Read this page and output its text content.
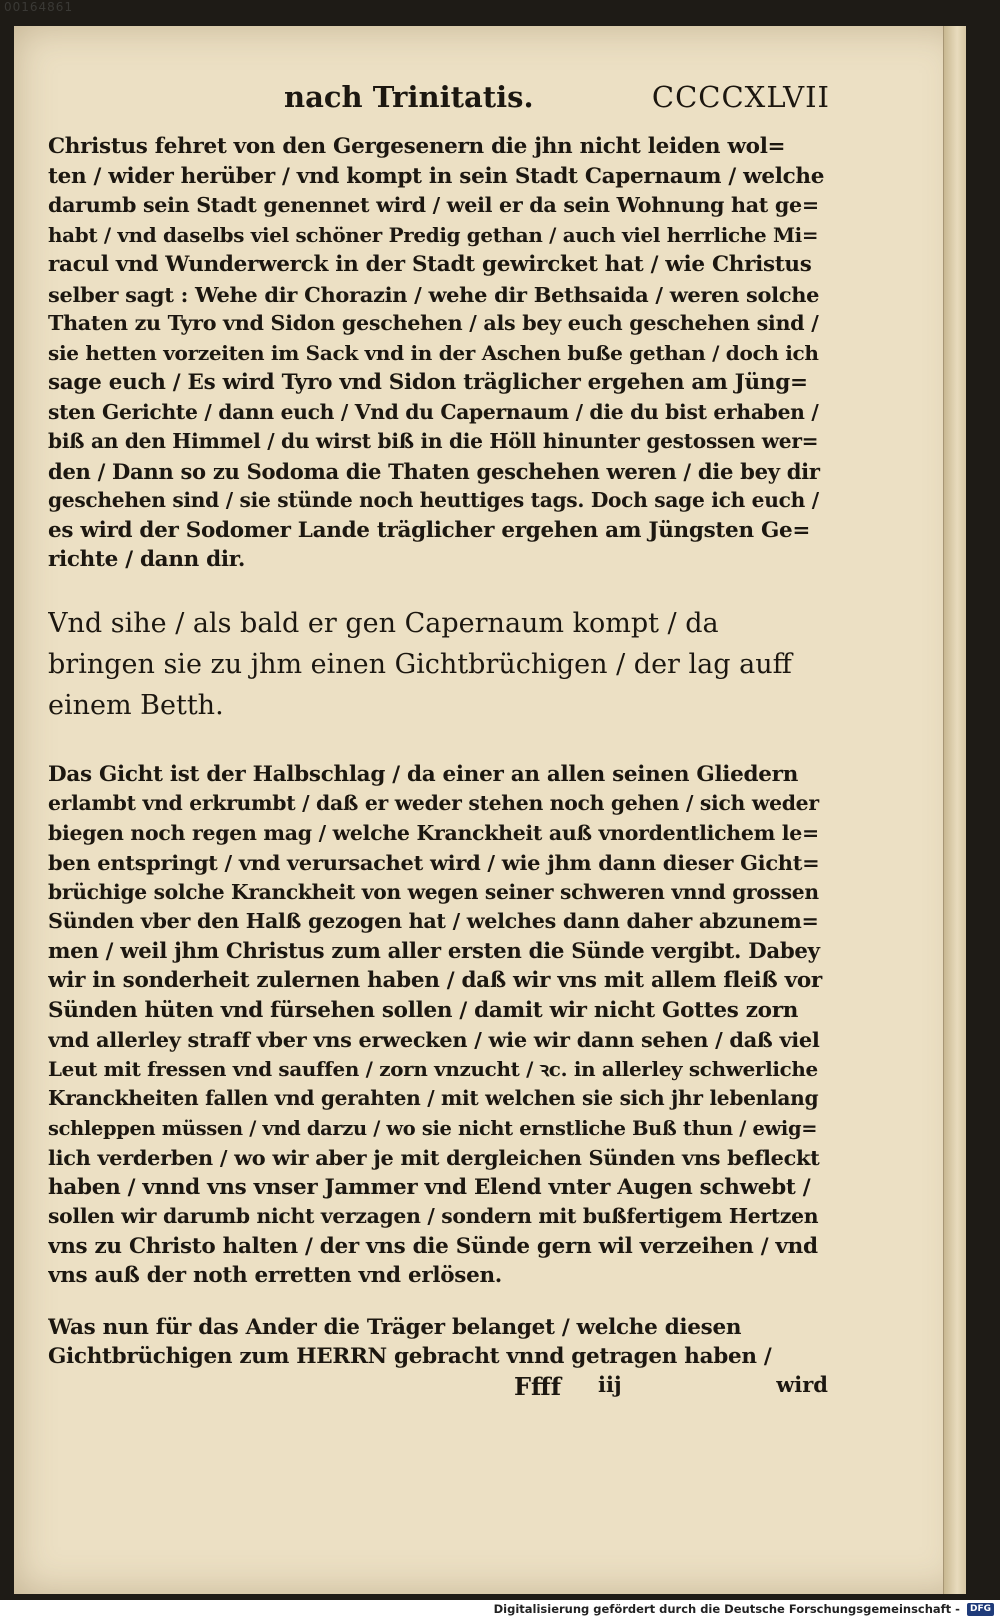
00164861
nach Trinitatis.	CCCCXLVII
Christus fehret von den Gergesenern die jhn nicht leiden wol=
ten / wider herüber / vnd kompt in sein Stadt Capernaum / welche
darumb sein Stadt genennet wird / weil er da sein Wohnung hat ge=
habt / vnd daselbs viel schöner Predig gethan / auch viel herrliche Mi=
racul vnd Wunderwerck in der Stadt gewircket hat / wie Christus
selber sagt : Wehe dir Chorazin / wehe dir Bethsaida / weren solche
Thaten zu Tyro vnd Sidon geschehen / als bey euch geschehen sind /
sie hetten vorzeiten im Sack vnd in der Aschen buße gethan / doch ich
sage euch / Es wird Tyro vnd Sidon träglicher ergehen am Jüng=
sten Gerichte / dann euch / Vnd du Capernaum / die du bist erhaben /
biß an den Himmel / du wirst biß in die Höll hinunter gestossen wer=
den / Dann so zu Sodoma die Thaten geschehen weren / die bey dir
geschehen sind / sie stünde noch heuttiges tags. Doch sage ich euch /
es wird der Sodomer Lande träglicher ergehen am Jüngsten Ge=
richte / dann dir.
Vnd sihe / als bald er gen Capernaum kompt / da
bringen sie zu jhm einen Gichtbrüchigen / der lag auff
einem Betth.
Das Gicht ist der Halbschlag / da einer an allen seinen Gliedern
erlambt vnd erkrumbt / daß er weder stehen noch gehen / sich weder
biegen noch regen mag / welche Kranckheit auß vnordentlichem le=
ben entspringt / vnd verursachet wird / wie jhm dann dieser Gicht=
brüchige solche Kranckheit von wegen seiner schweren vnnd grossen
Sünden vber den Halß gezogen hat / welches dann daher abzunem=
men / weil jhm Christus zum aller ersten die Sünde vergibt. Dabey
wir in sonderheit zulernen haben / daß wir vns mit allem fleiß vor
Sünden hüten vnd fürsehen sollen / damit wir nicht Gottes zorn
vnd allerley straff vber vns erwecken / wie wir dann sehen / daß viel
Leut mit fressen vnd sauffen / zorn vnzucht / ꝛc. in allerley schwerliche
Kranckheiten fallen vnd gerahten / mit welchen sie sich jhr lebenlang
schleppen müssen / vnd darzu / wo sie nicht ernstliche Buß thun / ewig=
lich verderben / wo wir aber je mit dergleichen Sünden vns befleckt
haben / vnnd vns vnser Jammer vnd Elend vnter Augen schwebt /
sollen wir darumb nicht verzagen / sondern mit bußfertigem Hertzen
vns zu Christo halten / der vns die Sünde gern wil verzeihen / vnd
vns auß der noth erretten vnd erlösen.
Was nun für das Ander die Träger belanget / welche diesen
Gichtbrüchigen zum HERRN gebracht vnnd getragen haben /
Ffff iij	wird
Digitalisierung gefördert durch die Deutsche Forschungsgemeinschaft - DFG
